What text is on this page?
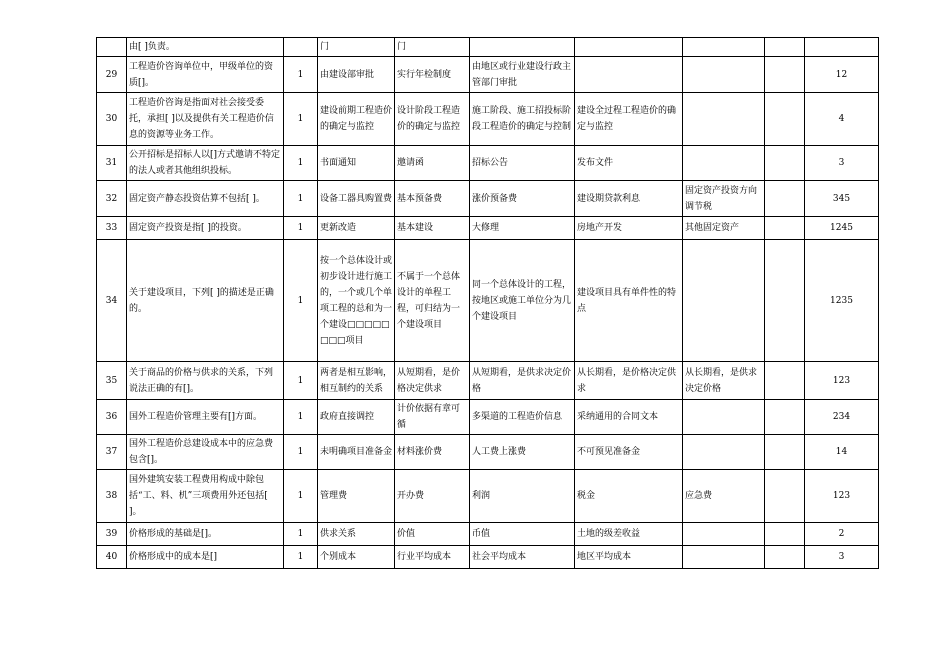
	由[ ]负责。		门	门					
29	工程造价咨询单位中，甲级单位的资质[]。	1	由建设部审批	实行年检制度	由地区或行业建设行政主管部门审批				12
30	工程造价咨询是指面对社会接受委托，承担[ ]以及提供有关工程造价信息的资源等业务工作。	1	建设前期工程造价的确定与监控	设计阶段工程造价的确定与监控	施工阶段、施工招投标阶段工程造价的确定与控制	建设全过程工程造价的确定与监控			4
31	公开招标是招标人以[]方式邀请不特定的法人或者其他组织投标。	1	书面通知	邀请函	招标公告	发布文件			3
32	固定资产静态投资估算不包括[ ]。	1	设备工器具购置费	基本预备费	涨价预备费	建设期贷款利息	固定资产投资方向调节税		345
33	固定资产投资是指[ ]的投资。	1	更新改造	基本建设	大修理	房地产开发	其他固定资产		1245
34	关于建设项目，下列[ ]的描述是正确的。	1	按一个总体设计或初步设计进行施工的，一个或几个单项工程的总和为一个建设□□□□□□□□项目	不属于一个总体设计的单程工程，可归结为一个建设项目	同一个总体设计的工程，按地区或施工单位分为几个建设项目	建设项目具有单件性的特点			1235
35	关于商品的价格与供求的关系，下列说法正确的有[]。	1	两者是相互影响，相互制约的关系	从短期看，是价格决定供求	从短期看，是供求决定价格	从长期看，是价格决定供求	从长期看，是供求决定价格		123
36	国外工程造价管理主要有[]方面。	1	政府直接调控	计价依据有章可循	多渠道的工程造价信息	采纳通用的合同文本			234
37	国外工程造价总建设成本中的应急费包含[]。	1	未明确项目准备金	材料涨价费	人工费上涨费	不可预见准备金			14
38	国外建筑安装工程费用构成中除包括“工、料、机”三项费用外还包括[ ]。	1	管理费	开办费	利润	税金	应急费		123
39	价格形成的基础是[]。	1	供求关系	价值	币值	土地的级差收益			2
40	价格形成中的成本是[]	1	个别成本	行业平均成本	社会平均成本	地区平均成本			3
